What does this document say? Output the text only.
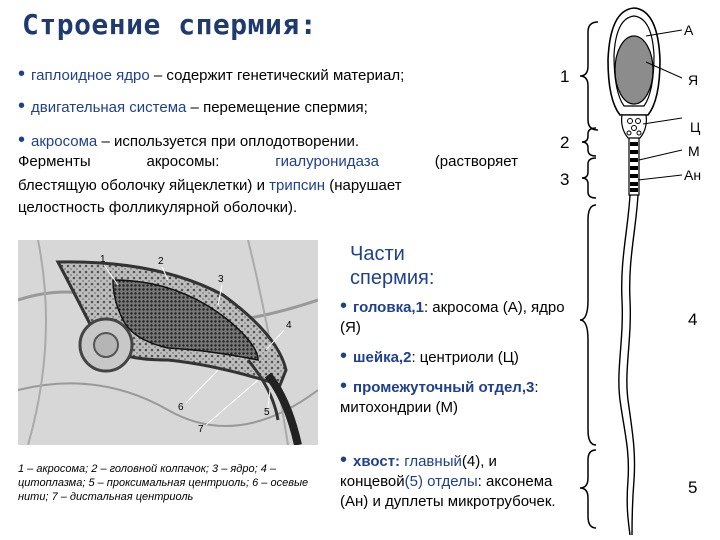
Строение спермия:
• гаплоидное ядро – содержит генетический материал;
• двигательная система – перемещение спермия;
• акросома – используется при оплодотворении.
Ферменты	акросомы:	гиалуронидаза	(растворяет
блестящую оболочку яйцеклетки) и трипсин (нарушает
целостность фолликулярной оболочки).
1	2
3
4
5
6
7
1 – акросома; 2 – головной колпачок; 3 – ядро; 4 – цитоплазма; 5 – проксимальная центриоль; 6 – осевые нити; 7 – дистальная центриоль
Части спермия:
• головка,1: акросома (А), ядро (Я)
• шейка,2: центриоли (Ц)
• промежуточный отдел,3: митохондрии (М)
• хвост: главный(4), и концевой(5) отделы: аксонема (Ан) и дуплеты микротрубочек.
1
2
3
4
5
А
Я
Ц
М
Ан
